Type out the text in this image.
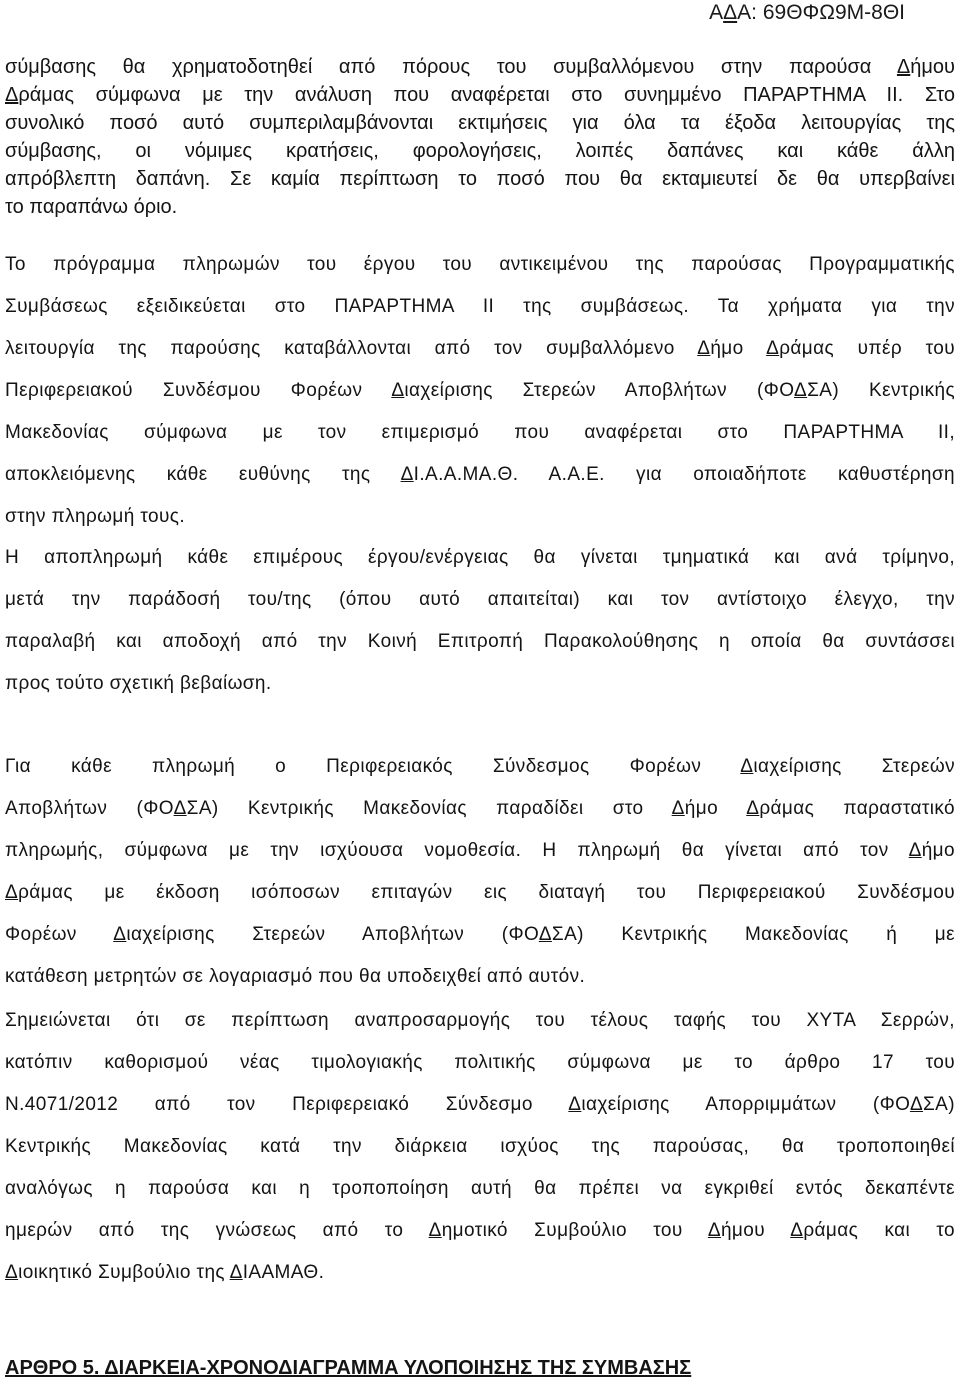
ΑΔΑ: 69ΘΦΩ9Μ-8ΘΙ
σύμβασης θα χρηματοδοτηθεί από πόρους του συμβαλλόμενου στην παρούσα Δήμου
Δράμας σύμφωνα με την ανάλυση που αναφέρεται στο συνημμένο ΠΑΡΑΡΤΗΜΑ ΙΙ. Στο
συνολικό ποσό αυτό συμπεριλαμβάνονται εκτιμήσεις για όλα τα έξοδα λειτουργίας της
σύμβασης, οι νόμιμες κρατήσεις, φορολογήσεις, λοιπές δαπάνες και κάθε άλλη
απρόβλεπτη δαπάνη. Σε καμία περίπτωση το ποσό που θα εκταμιευτεί δε θα υπερβαίνει
το παραπάνω όριο.
Το πρόγραμμα πληρωμών του έργου του αντικειμένου της παρούσας Προγραμματικής
Συμβάσεως εξειδικεύεται στο ΠΑΡΑΡΤΗΜΑ ΙΙ της συμβάσεως. Τα χρήματα για την
λειτουργία της παρούσης καταβάλλονται από τον συμβαλλόμενο Δήμο Δράμας υπέρ του
Περιφερειακού Συνδέσμου Φορέων Διαχείρισης Στερεών Αποβλήτων (ΦΟΔΣΑ) Κεντρικής
Μακεδονίας σύμφωνα με τον επιμερισμό που αναφέρεται στο ΠΑΡΑΡΤΗΜΑ ΙΙ,
αποκλειόμενης κάθε ευθύνης της ΔΙ.Α.Α.ΜΑ.Θ. Α.Α.Ε. για οποιαδήποτε καθυστέρηση
στην πληρωμή τους.
Η αποπληρωμή κάθε επιμέρους έργου/ενέργειας θα γίνεται τμηματικά και ανά τρίμηνο,
μετά την παράδοσή του/της (όπου αυτό απαιτείται) και τον αντίστοιχο έλεγχο, την
παραλαβή και αποδοχή από την Κοινή Επιτροπή Παρακολούθησης η οποία θα συντάσσει
προς τούτο σχετική βεβαίωση.
Για κάθε πληρωμή ο Περιφερειακός Σύνδεσμος Φορέων Διαχείρισης Στερεών
Αποβλήτων (ΦΟΔΣΑ) Κεντρικής Μακεδονίας παραδίδει στο Δήμο Δράμας παραστατικό
πληρωμής, σύμφωνα με την ισχύουσα νομοθεσία. Η πληρωμή θα γίνεται από τον Δήμο
Δράμας με έκδοση ισόποσων επιταγών εις διαταγή του Περιφερειακού Συνδέσμου
Φορέων Διαχείρισης Στερεών Αποβλήτων (ΦΟΔΣΑ) Κεντρικής Μακεδονίας ή με
κατάθεση μετρητών σε λογαριασμό που θα υποδειχθεί από αυτόν.
Σημειώνεται ότι σε περίπτωση αναπροσαρμογής του τέλους ταφής του ΧΥΤΑ Σερρών,
κατόπιν καθορισμού νέας τιμολογιακής πολιτικής σύμφωνα με το άρθρο 17 του
Ν.4071/2012 από τον Περιφερειακό Σύνδεσμο Διαχείρισης Απορριμμάτων (ΦΟΔΣΑ)
Κεντρικής Μακεδονίας κατά την διάρκεια ισχύος της παρούσας, θα τροποποιηθεί
αναλόγως η παρούσα και η τροποποίηση αυτή θα πρέπει να εγκριθεί εντός δεκαπέντε
ημερών από της γνώσεως από το Δημοτικό Συμβούλιο του Δήμου Δράμας και το
Διοικητικό Συμβούλιο της ΔΙΑΑΜΑΘ.
ΑΡΘΡΟ 5. ΔΙΑΡΚΕΙΑ-ΧΡΟΝΟΔΙΑΓΡΑΜΜΑ ΥΛΟΠΟΙΗΣΗΣ ΤΗΣ ΣΥΜΒΑΣΗΣ
